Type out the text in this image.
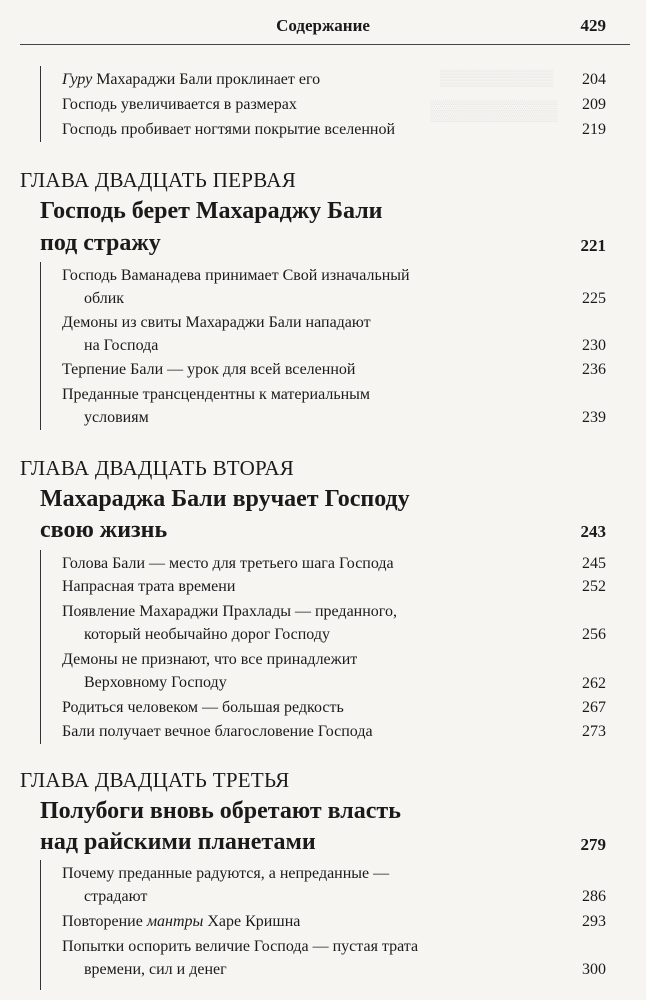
▒▒▒▒▒▒▒▒▒▒
▒▒▒▒▒▒▒▒▒
Содержание	429
Гуру Махараджи Бали проклинает его	204
Господь увеличивается в размерах	209
Господь пробивает ногтями покрытие вселенной	219
ГЛАВА ДВАДЦАТЬ ПЕРВАЯ
Господь берет Махараджу Бали
под стражу	221
Господь Ваманадева принимает Свой изначальный
облик	225
Демоны из свиты Махараджи Бали нападают
на Господа	230
Терпение Бали — урок для всей вселенной	236
Преданные трансцендентны к материальным
условиям	239
ГЛАВА ДВАДЦАТЬ ВТОРАЯ
Махараджа Бали вручает Господу
свою жизнь	243
Голова Бали — место для третьего шага Господа	245
Напрасная трата времени	252
Появление Махараджи Прахлады — преданного,
который необычайно дорог Господу	256
Демоны не признают, что все принадлежит
Верховному Господу	262
Родиться человеком — большая редкость	267
Бали получает вечное благословение Господа	273
ГЛАВА ДВАДЦАТЬ ТРЕТЬЯ
Полубоги вновь обретают власть
над райскими планетами	279
Почему преданные радуются, а непреданные —
страдают	286
Повторение мантры Харе Кришна	293
Попытки оспорить величие Господа — пустая трата
времени, сил и денег	300
